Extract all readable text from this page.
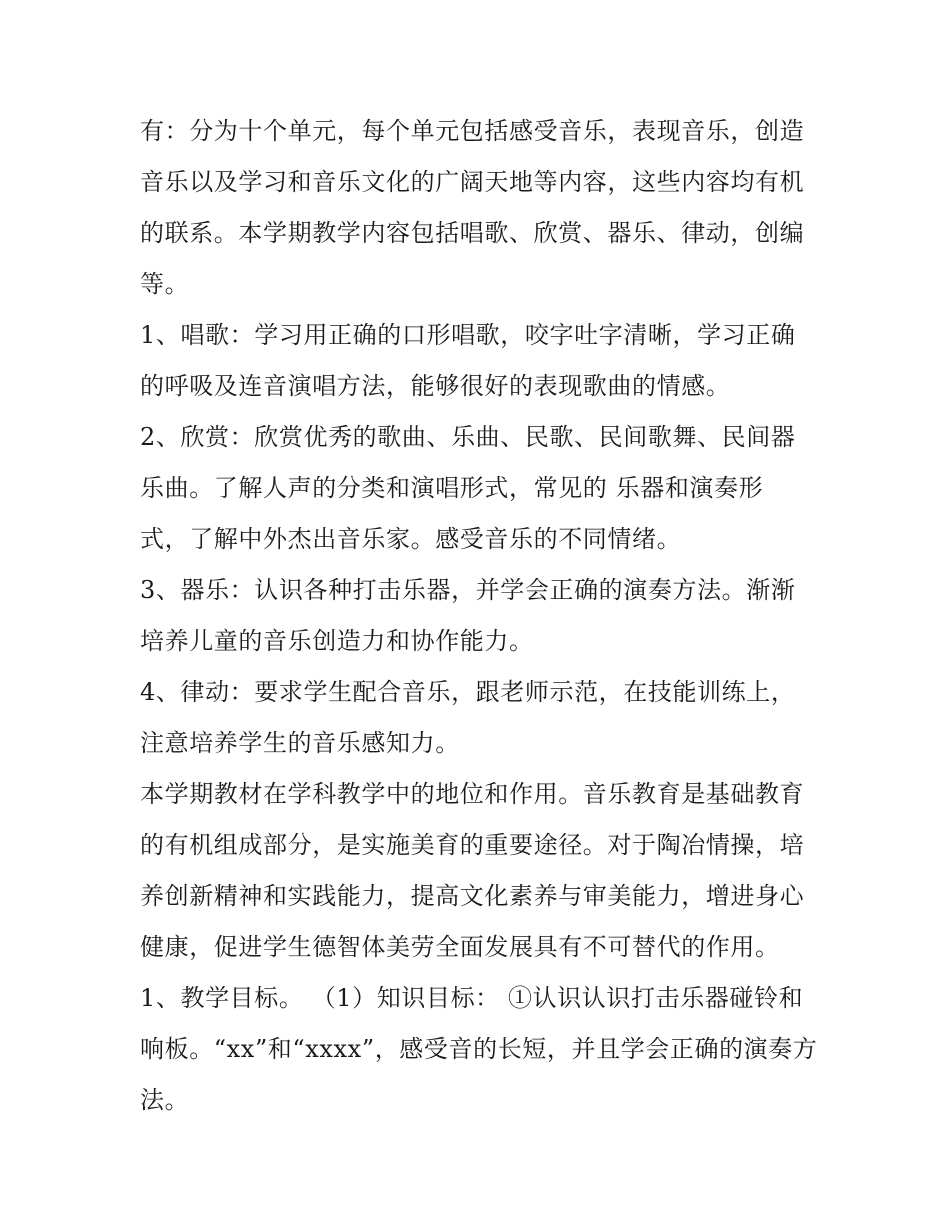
有：分为十个单元，每个单元包括感受音乐，表现音乐，创造
音乐以及学习和音乐文化的广阔天地等内容，这些内容均有机
的联系。本学期教学内容包括唱歌、欣赏、器乐、律动，创编
等。
1、唱歌：学习用正确的口形唱歌，咬字吐字清晰，学习正确
的呼吸及连音演唱方法，能够很好的表现歌曲的情感。
2、欣赏：欣赏优秀的歌曲、乐曲、民歌、民间歌舞、民间器
乐曲。了解人声的分类和演唱形式，常见的 乐器和演奏形
式，了解中外杰出音乐家。感受音乐的不同情绪。
3、器乐：认识各种打击乐器，并学会正确的演奏方法。渐渐
培养儿童的音乐创造力和协作能力。
4、律动：要求学生配合音乐，跟老师示范，在技能训练上，
注意培养学生的音乐感知力。
本学期教材在学科教学中的地位和作用。音乐教育是基础教育
的有机组成部分，是实施美育的重要途径。对于陶冶情操，培
养创新精神和实践能力，提高文化素养与审美能力，增进身心
健康，促进学生德智体美劳全面发展具有不可替代的作用。
1、教学目标。 （1）知识目标： ①认识认识打击乐器碰铃和
响板。“xx”和“xxxx”，感受音的长短，并且学会正确的演奏方
法。
